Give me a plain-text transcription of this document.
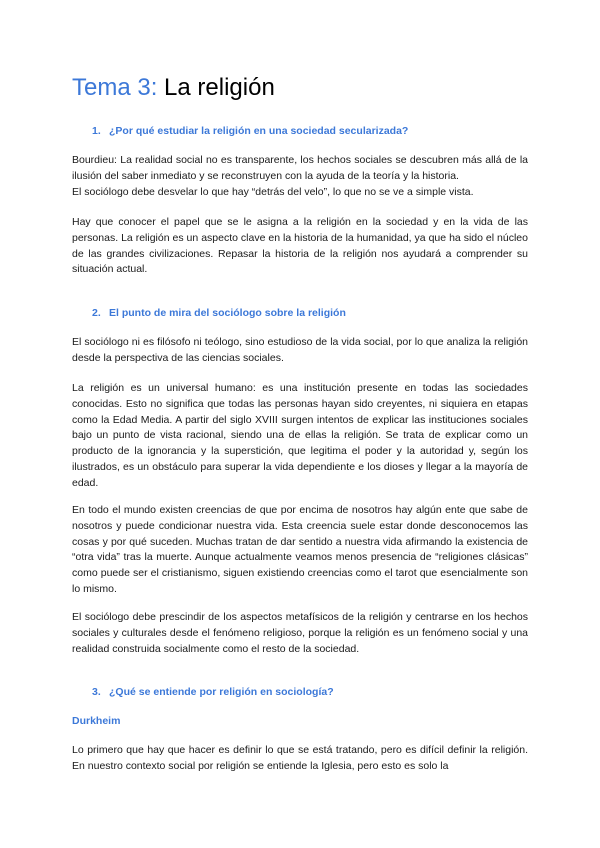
Tema 3: La religión
1. ¿Por qué estudiar la religión en una sociedad secularizada?
Bourdieu: La realidad social no es transparente, los hechos sociales se descubren más allá de la ilusión del saber inmediato y se reconstruyen con la ayuda de la teoría y la historia.
El sociólogo debe desvelar lo que hay “detrás del velo”, lo que no se ve a simple vista.

Hay que conocer el papel que se le asigna a la religión en la sociedad y en la vida de las personas. La religión es un aspecto clave en la historia de la humanidad, ya que ha sido el núcleo de las grandes civilizaciones. Repasar la historia de la religión nos ayudará a comprender su situación actual.

2. El punto de mira del sociólogo sobre la religión

El sociólogo ni es filósofo ni teólogo, sino estudioso de la vida social, por lo que analiza la religión desde la perspectiva de las ciencias sociales.

La religión es un universal humano: es una institución presente en todas las sociedades conocidas. Esto no significa que todas las personas hayan sido creyentes, ni siquiera en etapas como la Edad Media. A partir del siglo XVIII surgen intentos de explicar las instituciones sociales bajo un punto de vista racional, siendo una de ellas la religión. Se trata de explicar como un producto de la ignorancia y la superstición, que legitima el poder y la autoridad y, según los ilustrados, es un obstáculo para superar la vida dependiente e los dioses y llegar a la mayoría de edad.

En todo el mundo existen creencias de que por encima de nosotros hay algún ente que sabe de nosotros y puede condicionar nuestra vida. Esta creencia suele estar donde desconocemos las cosas y por qué suceden. Muchas tratan de dar sentido a nuestra vida afirmando la existencia de “otra vida” tras la muerte. Aunque actualmente veamos menos presencia de “religiones clásicas” como puede ser el cristianismo, siguen existiendo creencias como el tarot que esencialmente son lo mismo.

El sociólogo debe prescindir de los aspectos metafísicos de la religión y centrarse en los hechos sociales y culturales desde el fenómeno religioso, porque la religión es un fenómeno social y una realidad construida socialmente como el resto de la sociedad.

3. ¿Qué se entiende por religión en sociología?
Durkheim

Lo primero que hay que hacer es definir lo que se está tratando, pero es difícil definir la religión. En nuestro contexto social por religión se entiende la Iglesia, pero esto es solo la
